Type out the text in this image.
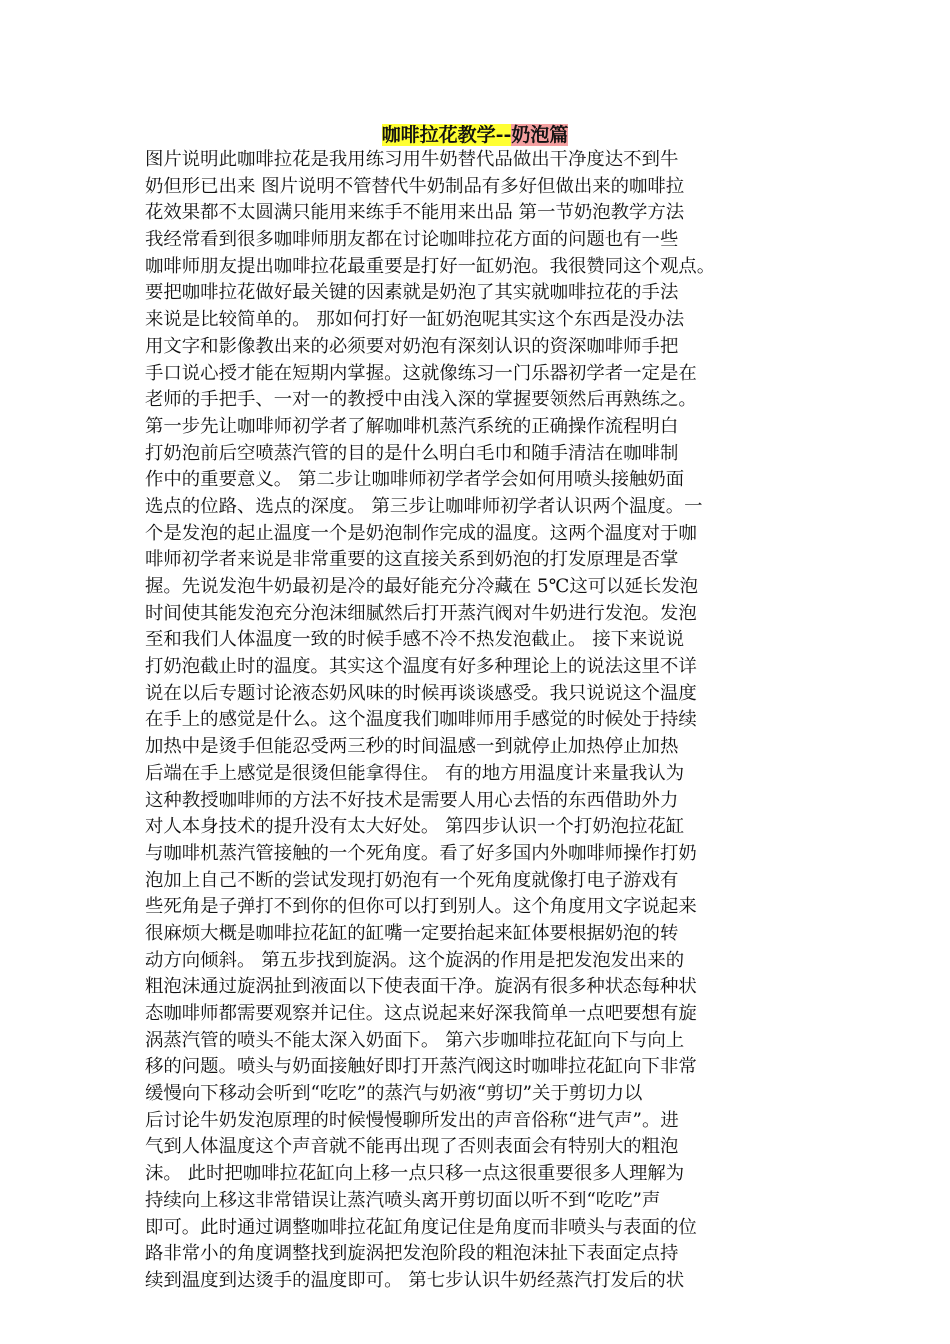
咖啡拉花教学--奶泡篇
图片说明此咖啡拉花是我用练习用牛奶替代品做出干净度达不到牛
奶但形已出来 图片说明不管替代牛奶制品有多好但做出来的咖啡拉
花效果都不太圆满只能用来练手不能用来出品 第一节奶泡教学方法
我经常看到很多咖啡师朋友都在讨论咖啡拉花方面的问题也有一些
咖啡师朋友提出咖啡拉花最重要是打好一缸奶泡。我很赞同这个观点。
要把咖啡拉花做好最关键的因素就是奶泡了其实就咖啡拉花的手法
来说是比较简单的。 那如何打好一缸奶泡呢其实这个东西是没办法
用文字和影像教出来的必须要对奶泡有深刻认识的资深咖啡师手把
手口说心授才能在短期内掌握。这就像练习一门乐器初学者一定是在
老师的手把手、一对一的教授中由浅入深的掌握要领然后再熟练之。
第一步先让咖啡师初学者了解咖啡机蒸汽系统的正确操作流程明白
打奶泡前后空喷蒸汽管的目的是什么明白毛巾和随手清洁在咖啡制
作中的重要意义。 第二步让咖啡师初学者学会如何用喷头接触奶面
选点的位路、选点的深度。 第三步让咖啡师初学者认识两个温度。一
个是发泡的起止温度一个是奶泡制作完成的温度。这两个温度对于咖
啡师初学者来说是非常重要的这直接关系到奶泡的打发原理是否掌
握。先说发泡牛奶最初是冷的最好能充分冷藏在 5℃这可以延长发泡
时间使其能发泡充分泡沫细腻然后打开蒸汽阀对牛奶进行发泡。发泡
至和我们人体温度一致的时候手感不冷不热发泡截止。 接下来说说
打奶泡截止时的温度。其实这个温度有好多种理论上的说法这里不详
说在以后专题讨论液态奶风味的时候再谈谈感受。我只说说这个温度
在手上的感觉是什么。这个温度我们咖啡师用手感觉的时候处于持续
加热中是烫手但能忍受两三秒的时间温感一到就停止加热停止加热
后端在手上感觉是很烫但能拿得住。 有的地方用温度计来量我认为
这种教授咖啡师的方法不好技术是需要人用心去悟的东西借助外力
对人本身技术的提升没有太大好处。 第四步认识一个打奶泡拉花缸
与咖啡机蒸汽管接触的一个死角度。看了好多国内外咖啡师操作打奶
泡加上自己不断的尝试发现打奶泡有一个死角度就像打电子游戏有
些死角是子弹打不到你的但你可以打到别人。这个角度用文字说起来
很麻烦大概是咖啡拉花缸的缸嘴一定要抬起来缸体要根据奶泡的转
动方向倾斜。 第五步找到旋涡。这个旋涡的作用是把发泡发出来的
粗泡沫通过旋涡扯到液面以下使表面干净。旋涡有很多种状态每种状
态咖啡师都需要观察并记住。这点说起来好深我简单一点吧要想有旋
涡蒸汽管的喷头不能太深入奶面下。 第六步咖啡拉花缸向下与向上
移的问题。喷头与奶面接触好即打开蒸汽阀这时咖啡拉花缸向下非常
缓慢向下移动会听到“吃吃”的蒸汽与奶液“剪切”关于剪切力以
后讨论牛奶发泡原理的时候慢慢聊所发出的声音俗称“进气声”。进
气到人体温度这个声音就不能再出现了否则表面会有特别大的粗泡
沫。 此时把咖啡拉花缸向上移一点只移一点这很重要很多人理解为
持续向上移这非常错误让蒸汽喷头离开剪切面以听不到“吃吃”声
即可。此时通过调整咖啡拉花缸角度记住是角度而非喷头与表面的位
路非常小的角度调整找到旋涡把发泡阶段的粗泡沫扯下表面定点持
续到温度到达烫手的温度即可。 第七步认识牛奶经蒸汽打发后的状
